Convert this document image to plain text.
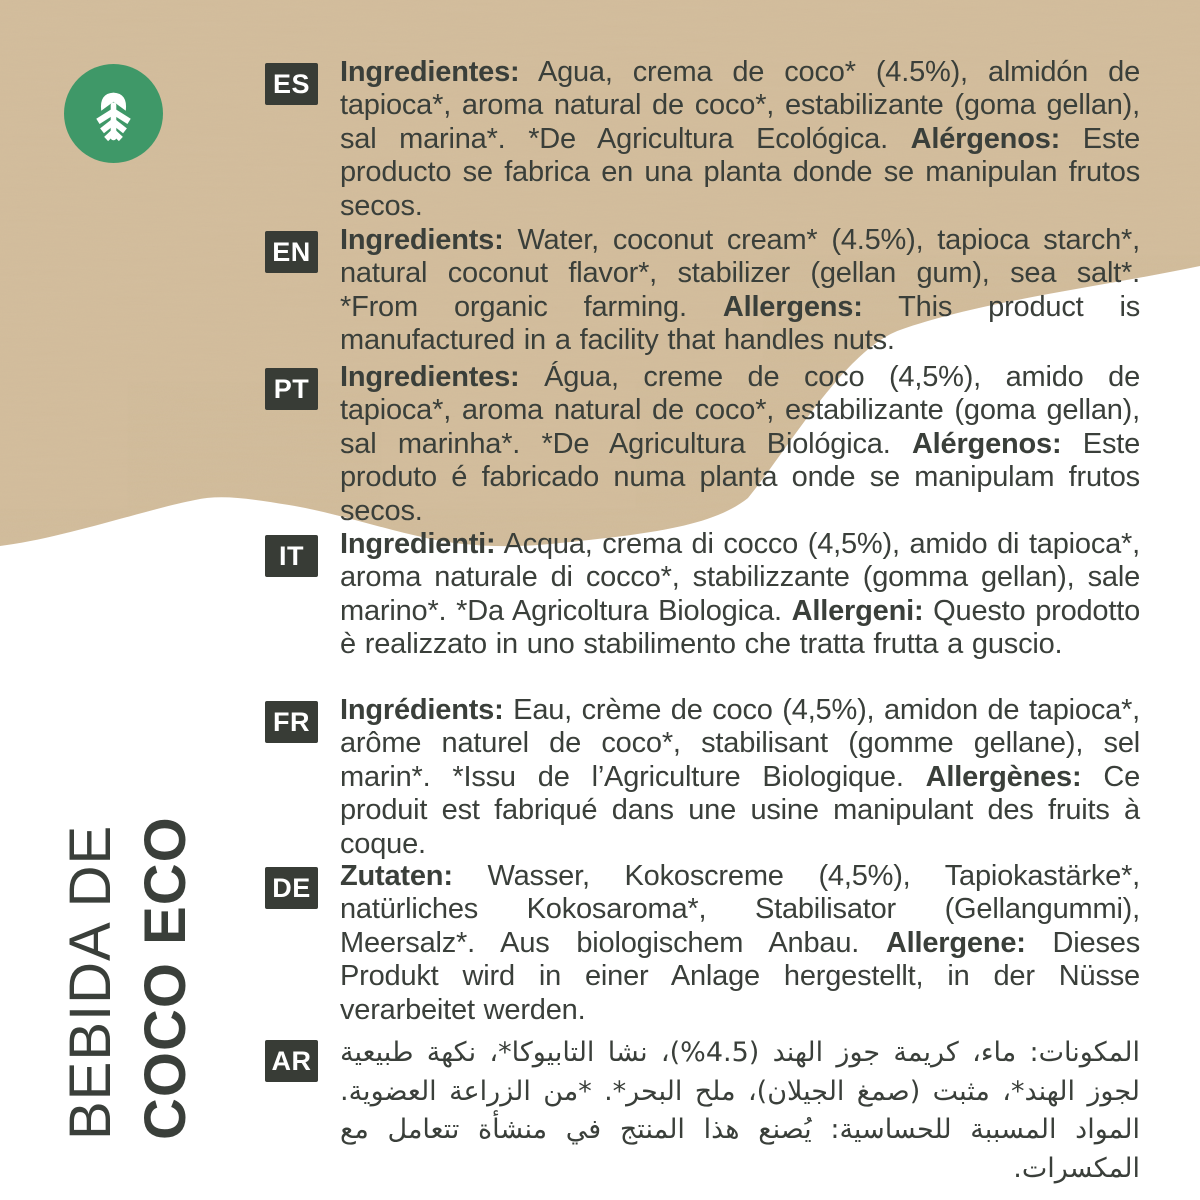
BEBIDA DE COCO ECO
ES Ingredientes: Agua, crema de coco* (4.5%), almidón de tapioca*, aroma natural de coco*, estabilizante (goma gellan), sal marina*. *De Agricultura Ecológica. Alérgenos: Este producto se fabrica en una planta donde se manipulan frutos secos.

EN Ingredients: Water, coconut cream* (4.5%), tapioca starch*, natural coconut flavor*, stabilizer (gellan gum), sea salt*. *From organic farming. Allergens: This product is manufactured in a facility that handles nuts.

PT	Ingredientes: Água, creme de coco (4,5%), amido de tapioca*, aroma natural de coco*, estabilizante (goma gellan), sal marinha*. *De Agricultura Biológica. Alérgenos: Este produto é fabricado numa planta onde se manipulam frutos secos.

IT	Ingredienti: Acqua, crema di cocco (4,5%), amido di tapioca*, aroma naturale di cocco*, stabilizzante (gomma gellan), sale marino*. *Da Agricoltura Biologica. Allergeni: Questo prodotto è realizzato in uno stabilimento che tratta frutta a guscio.

FR Ingrédients: Eau, crème de coco (4,5%), amidon de tapioca*, arôme naturel de coco*, stabilisant (gomme gellane), sel marin*. *Issu de l’Agriculture Biologique. Allergènes: Ce produit est fabriqué dans une usine manipulant des fruits à coque.

DE Zutaten: Wasser, Kokoscreme (4,5%), Tapiokastärke*, natürliches Kokosaroma*, Stabilisator (Gellangummi), Meersalz*. Aus biologischem Anbau. Allergene: Dieses Produkt wird in einer Anlage hergestellt, in der Nüsse verarbeitet werden.

AR	المكونات: ماء، كريمة جوز الهند (4.5%)، نشا التابيوكا*، نكهة طبيعية لجوز الهند*، مثبت (صمغ الجيلان)، ملح البحر*. *من الزراعة العضوية. المواد المسببة للحساسية: يُصنع هذا المنتج في منشأة تتعامل مع المكسرات.
